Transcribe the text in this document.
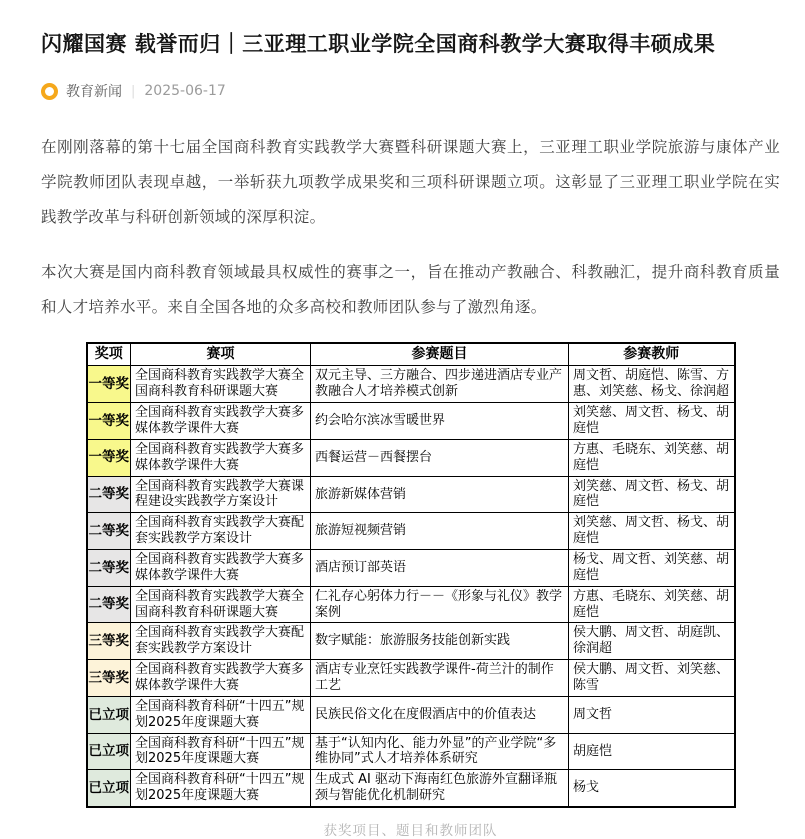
闪耀国赛 载誉而归｜三亚理工职业学院全国商科教学大赛取得丰硕成果
教育新闻 | 2025-06-17

在刚刚落幕的第十七届全国商科教育实践教学大赛暨科研课题大赛上，三亚理工职业学院旅游与康体产业学院教师团队表现卓越，一举斩获九项教学成果奖和三项科研课题立项。这彰显了三亚理工职业学院在实践教学改革与科研创新领域的深厚积淀。

本次大赛是国内商科教育领域最具权威性的赛事之一，旨在推动产教融合、科教融汇，提升商科教育质量和人才培养水平。来自全国各地的众多高校和教师团队参与了激烈角逐。

奖项	赛项	参赛题目	参赛教师
一等奖	全国商科教育实践教学大赛全国商科教育科研课题大赛	双元主导、三方融合、四步递进酒店专业产教融合人才培养模式创新	周文哲、胡庭恺、陈雪、方惠、刘笑慈、杨戈、徐润超
一等奖	全国商科教育实践教学大赛多媒体教学课件大赛	约会哈尔滨冰雪暖世界	刘笑慈、周文哲、杨戈、胡庭恺
一等奖	全国商科教育实践教学大赛多媒体教学课件大赛	西餐运营－西餐摆台	方惠、毛晓东、刘笑慈、胡庭恺
二等奖	全国商科教育实践教学大赛课程建设实践教学方案设计	旅游新媒体营销	刘笑慈、周文哲、杨戈、胡庭恺
二等奖	全国商科教育实践教学大赛配套实践教学方案设计	旅游短视频营销	刘笑慈、周文哲、杨戈、胡庭恺
二等奖	全国商科教育实践教学大赛多媒体教学课件大赛	酒店预订部英语	杨戈、周文哲、刘笑慈、胡庭恺
二等奖	全国商科教育实践教学大赛全国商科教育科研课题大赛	仁礼存心躬体力行－－《形象与礼仪》教学案例	方惠、毛晓东、刘笑慈、胡庭恺
三等奖	全国商科教育实践教学大赛配套实践教学方案设计	数字赋能：旅游服务技能创新实践	侯大鹏、周文哲、胡庭凯、徐润超
三等奖	全国商科教育实践教学大赛多媒体教学课件大赛	酒店专业烹饪实践教学课件-荷兰汁的制作工艺	侯大鹏、周文哲、刘笑慈、陈雪
已立项	全国商科教育科研“十四五”规划2025年度课题大赛	民族民俗文化在度假酒店中的价值表达	周文哲
已立项	全国商科教育科研“十四五”规划2025年度课题大赛	基于“认知内化、能力外显”的产业学院“多维协同”式人才培养体系研究	胡庭恺
已立项	全国商科教育科研“十四五”规划2025年度课题大赛	生成式 AI 驱动下海南红色旅游外宣翻译瓶颈与智能优化机制研究	杨戈
获奖项目、题目和教师团队
